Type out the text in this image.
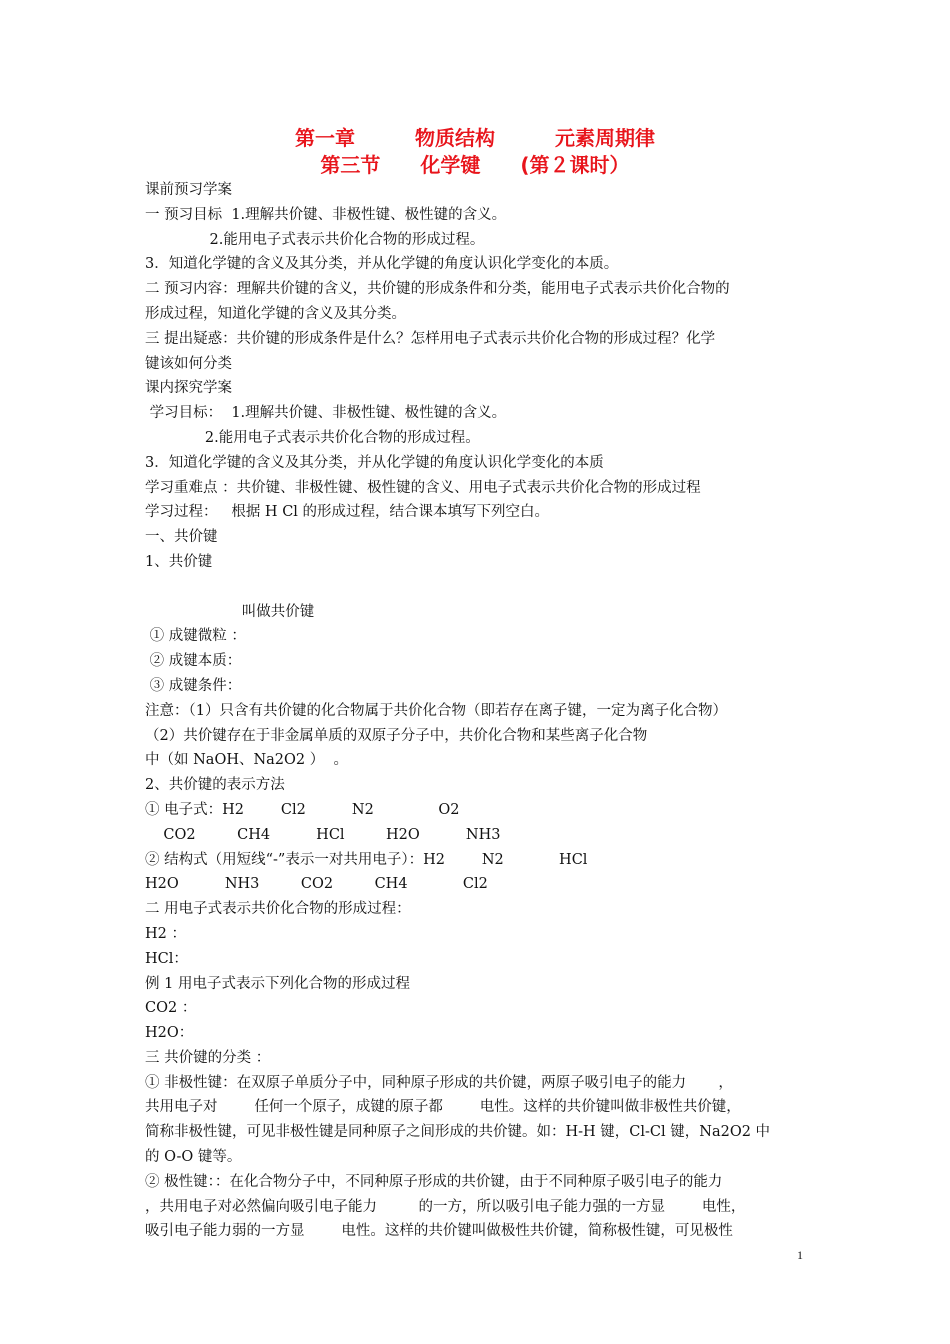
第一章　　　物质结构　　　元素周期律
第三节　　化学键　　(第２课时）

课前预习学案

一 预习目标  1.理解共价键、非极性键、极性键的含义。

2.能用电子式表示共价化合物的形成过程。

3．知道化学键的含义及其分类，并从化学键的角度认识化学变化的本质。

二 预习内容：理解共价键的含义，共价键的形成条件和分类，能用电子式表示共价化合物的

形成过程，知道化学键的含义及其分类。

三 提出疑惑：共价键的形成条件是什么？怎样用电子式表示共价化合物的形成过程？化学

键该如何分类

课内探究学案

学习目标：  1.理解共价键、非极性键、极性键的含义。

2.能用电子式表示共价化合物的形成过程。

3．知道化学键的含义及其分类，并从化学键的角度认识化学变化的本质

学习重难点 ：共价键、非极性键、极性键的含义、用电子式表示共价化合物的形成过程

学习过程：   根据 H Cl 的形成过程，结合课本填写下列空白。

一、共价键

1、共价键

叫做共价键

① 成键微粒 ：

② 成键本质：

③ 成键条件：

注意：（1）只含有共价键的化合物属于共价化合物（即若存在离子键，一定为离子化合物）

（2）共价键存在于非金属单质的双原子分子中，共价化合物和某些离子化合物

中（如 NaOH、Na2O2 ）  。

2、共价键的表示方法

① 电子式：H2        Cl2          N2              O2

CO2         CH4          HCl         H2O          NH3

② 结构式（用短线“-”表示一对共用电子）：H2        N2            HCl

H2O          NH3         CO2         CH4            Cl2

二 用电子式表示共价化合物的形成过程：

H2 ：

HCl：

例 1 用电子式表示下列化合物的形成过程

CO2 ：

H2O：

三 共价键的分类 ：

① 非极性键：在双原子单质分子中，同种原子形成的共价键，两原子吸引电子的能力       ，

共用电子对        任何一个原子，成键的原子都        电性。这样的共价键叫做非极性共价键，

简称非极性键，可见非极性键是同种原子之间形成的共价键。如：H-H 键，Cl-Cl 键，Na2O2 中

的 O-O 键等。

② 极性键：：在化合物分子中，不同种原子形成的共价键，由于不同种原子吸引电子的能力

，共用电子对必然偏向吸引电子能力         的一方，所以吸引电子能力强的一方显        电性，

吸引电子能力弱的一方显        电性。这样的共价键叫做极性共价键，简称极性键，可见极性

1
